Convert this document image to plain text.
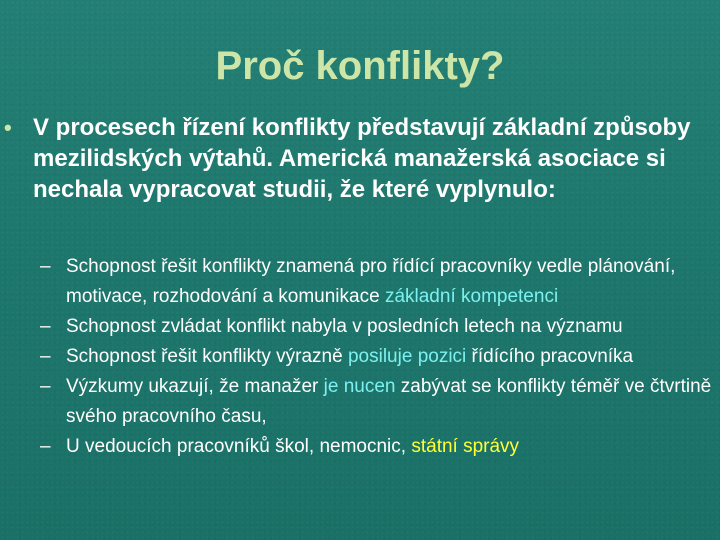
Proč konflikty?
• V procesech řízení konflikty představují základní způsoby mezilidských výtahů. Americká manažerská asociace si nechala vypracovat studii, že které vyplynulo:

– Schopnost řešit konflikty znamená pro řídící pracovníky vedle plánování, motivace, rozhodování a komunikace základní kompetenci
– Schopnost zvládat konflikt nabyla v posledních letech na významu
– Schopnost řešit konflikty výrazně posiluje pozici řídícího pracovníka
– Výzkumy ukazují, že manažer je nucen zabývat se konflikty téměř ve čtvrtině svého pracovního času,
– U vedoucích pracovníků škol, nemocnic, státní správy
